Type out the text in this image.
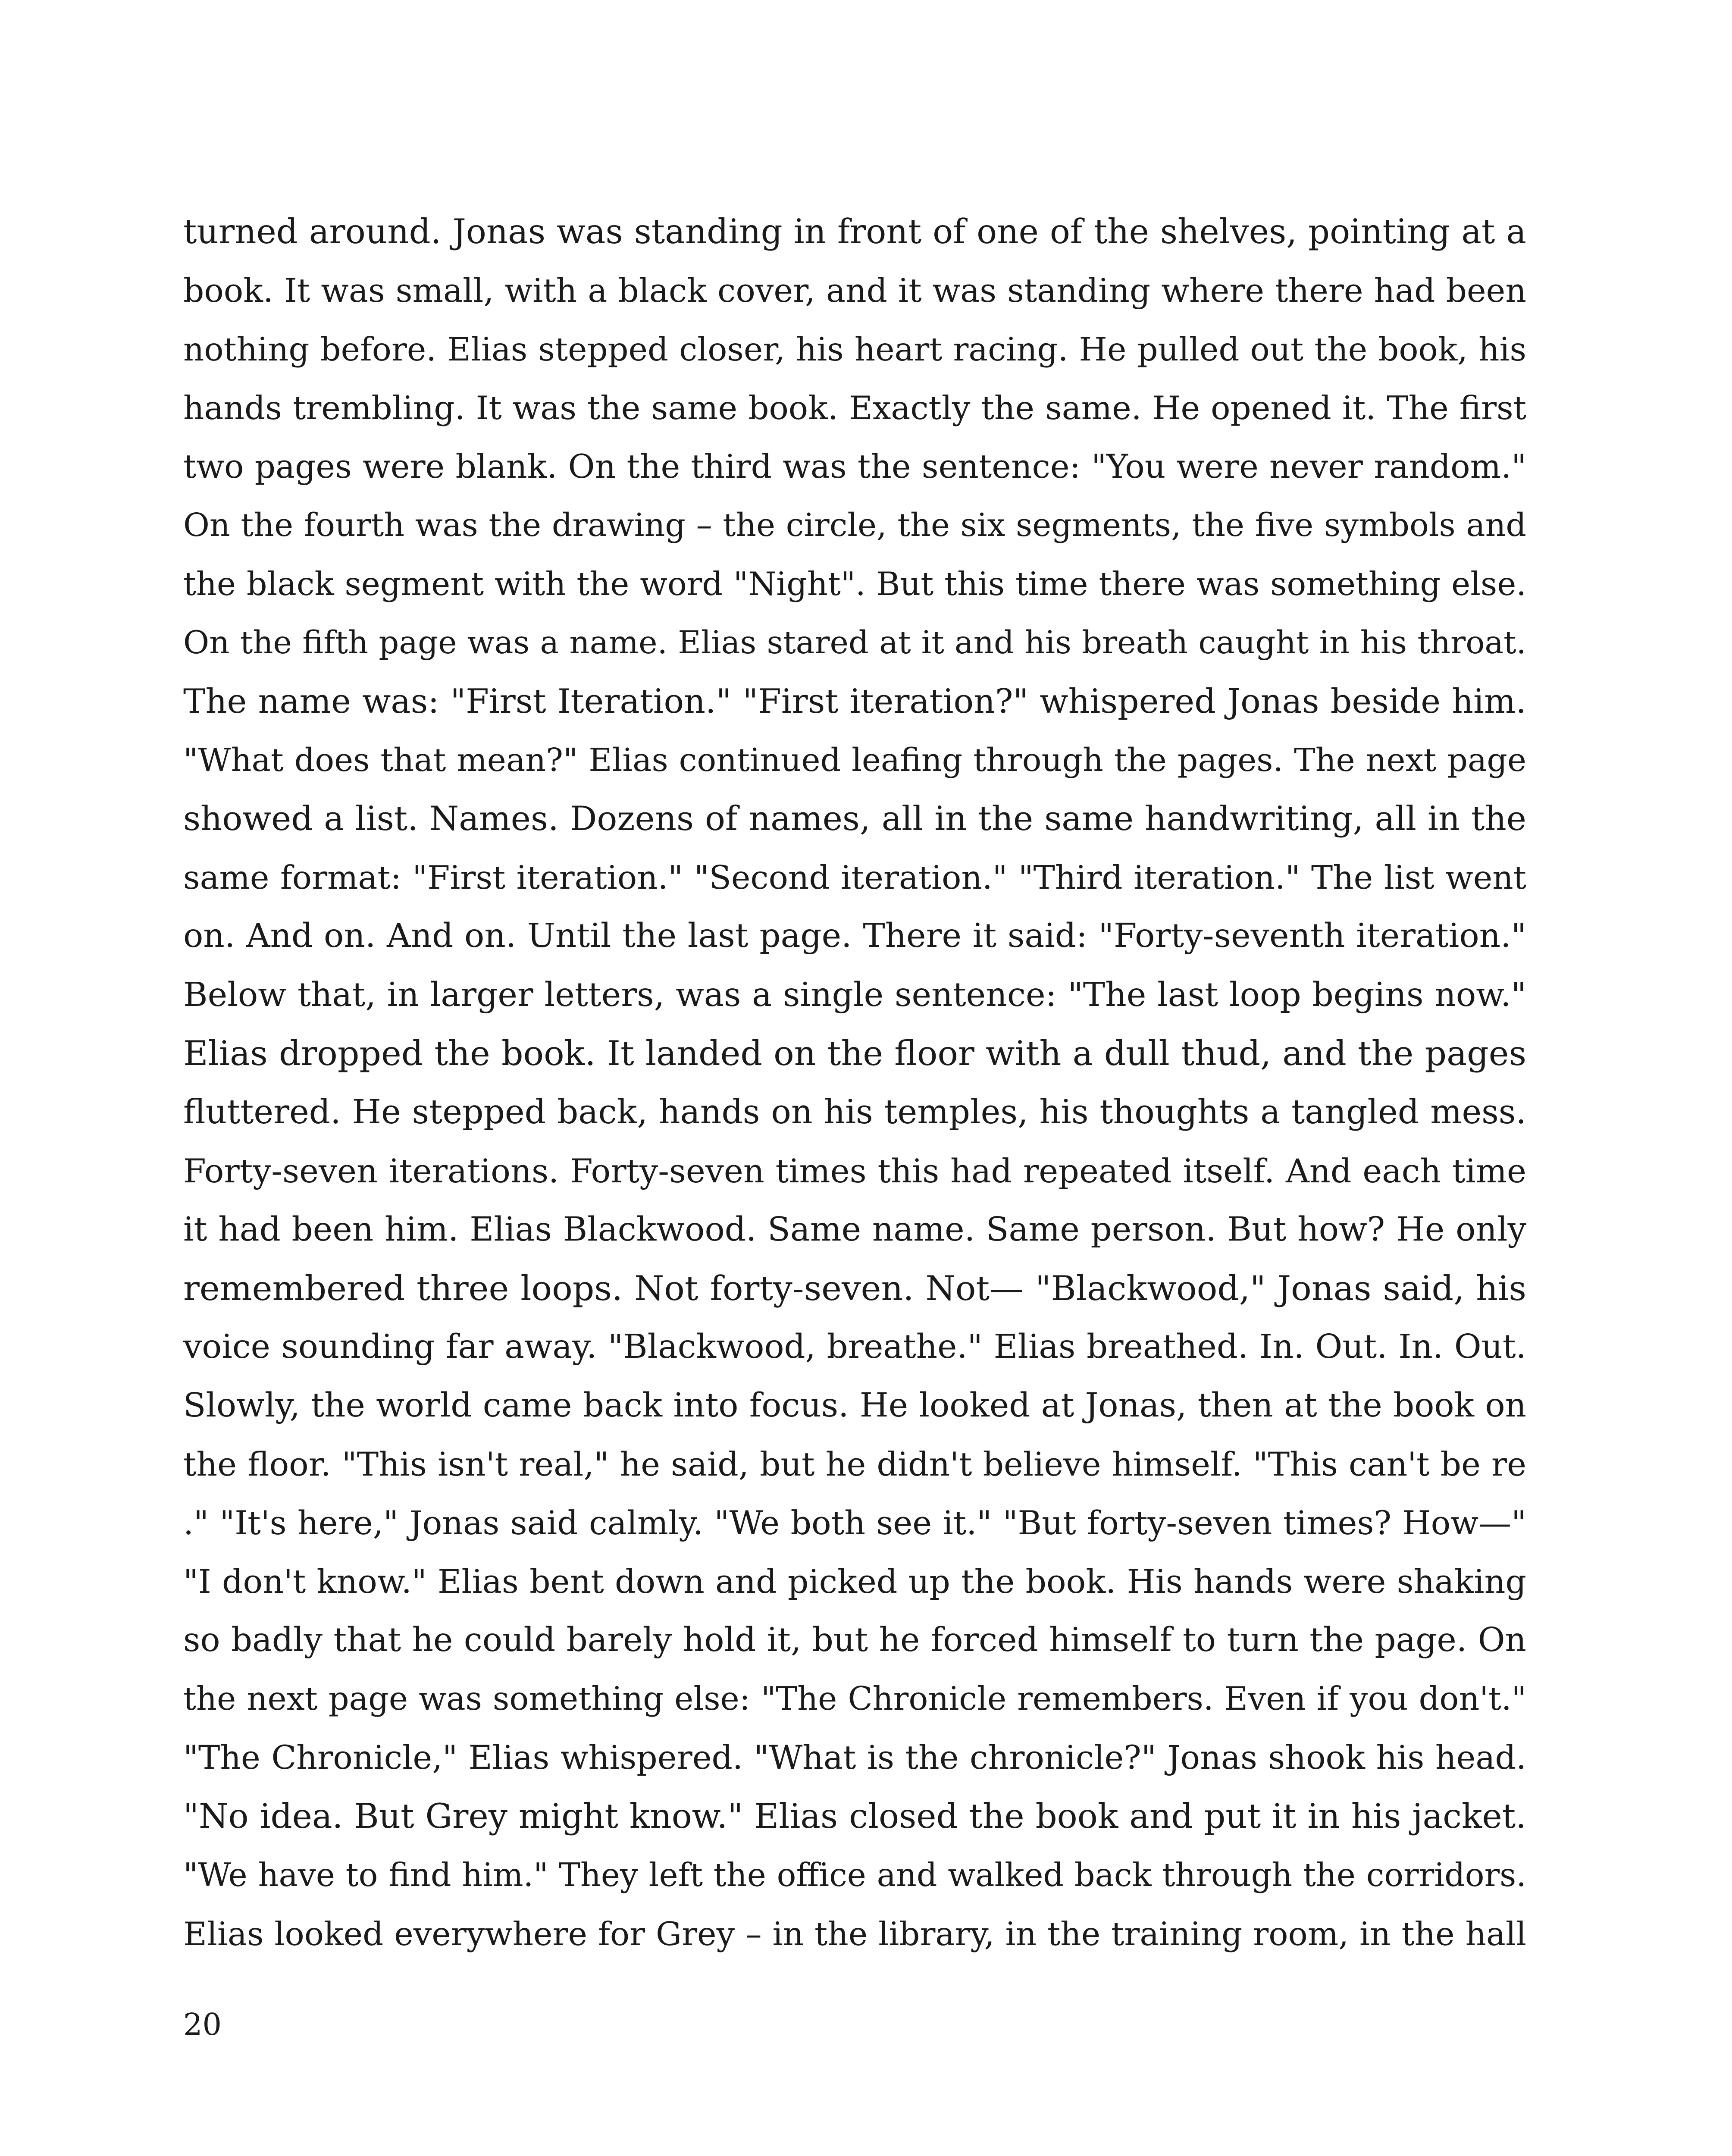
turned around. Jonas was standing in front of one of the shelves, pointing at a
book. It was small, with a black cover, and it was standing where there had been
nothing before. Elias stepped closer, his heart racing. He pulled out the book, his
hands trembling. It was the same book. Exactly the same. He opened it. The first
two pages were blank. On the third was the sentence: "You were never random."
On the fourth was the drawing – the circle, the six segments, the five symbols and
the black segment with the word "Night". But this time there was something else.
On the fifth page was a name. Elias stared at it and his breath caught in his throat.
The name was: "First Iteration." "First iteration?" whispered Jonas beside him.
"What does that mean?" Elias continued leafing through the pages. The next page
showed a list. Names. Dozens of names, all in the same handwriting, all in the
same format: "First iteration." "Second iteration." "Third iteration." The list went
on. And on. And on. Until the last page. There it said: "Forty-seventh iteration."
Below that, in larger letters, was a single sentence: "The last loop begins now."
Elias dropped the book. It landed on the floor with a dull thud, and the pages
fluttered. He stepped back, hands on his temples, his thoughts a tangled mess.
Forty-seven iterations. Forty-seven times this had repeated itself. And each time
it had been him. Elias Blackwood. Same name. Same person. But how? He only
remembered three loops. Not forty-seven. Not— "Blackwood," Jonas said, his
voice sounding far away. "Blackwood, breathe." Elias breathed. In. Out. In. Out.
Slowly, the world came back into focus. He looked at Jonas, then at the book on
the floor. "This isn't real," he said, but he didn't believe himself. "This can't be re
." "It's here," Jonas said calmly. "We both see it." "But forty-seven times? How—"
"I don't know." Elias bent down and picked up the book. His hands were shaking
so badly that he could barely hold it, but he forced himself to turn the page. On
the next page was something else: "The Chronicle remembers. Even if you don't."
"The Chronicle," Elias whispered. "What is the chronicle?" Jonas shook his head.
"No idea. But Grey might know." Elias closed the book and put it in his jacket.
"We have to find him." They left the office and walked back through the corridors.
Elias looked everywhere for Grey – in the library, in the training room, in the hall
20
